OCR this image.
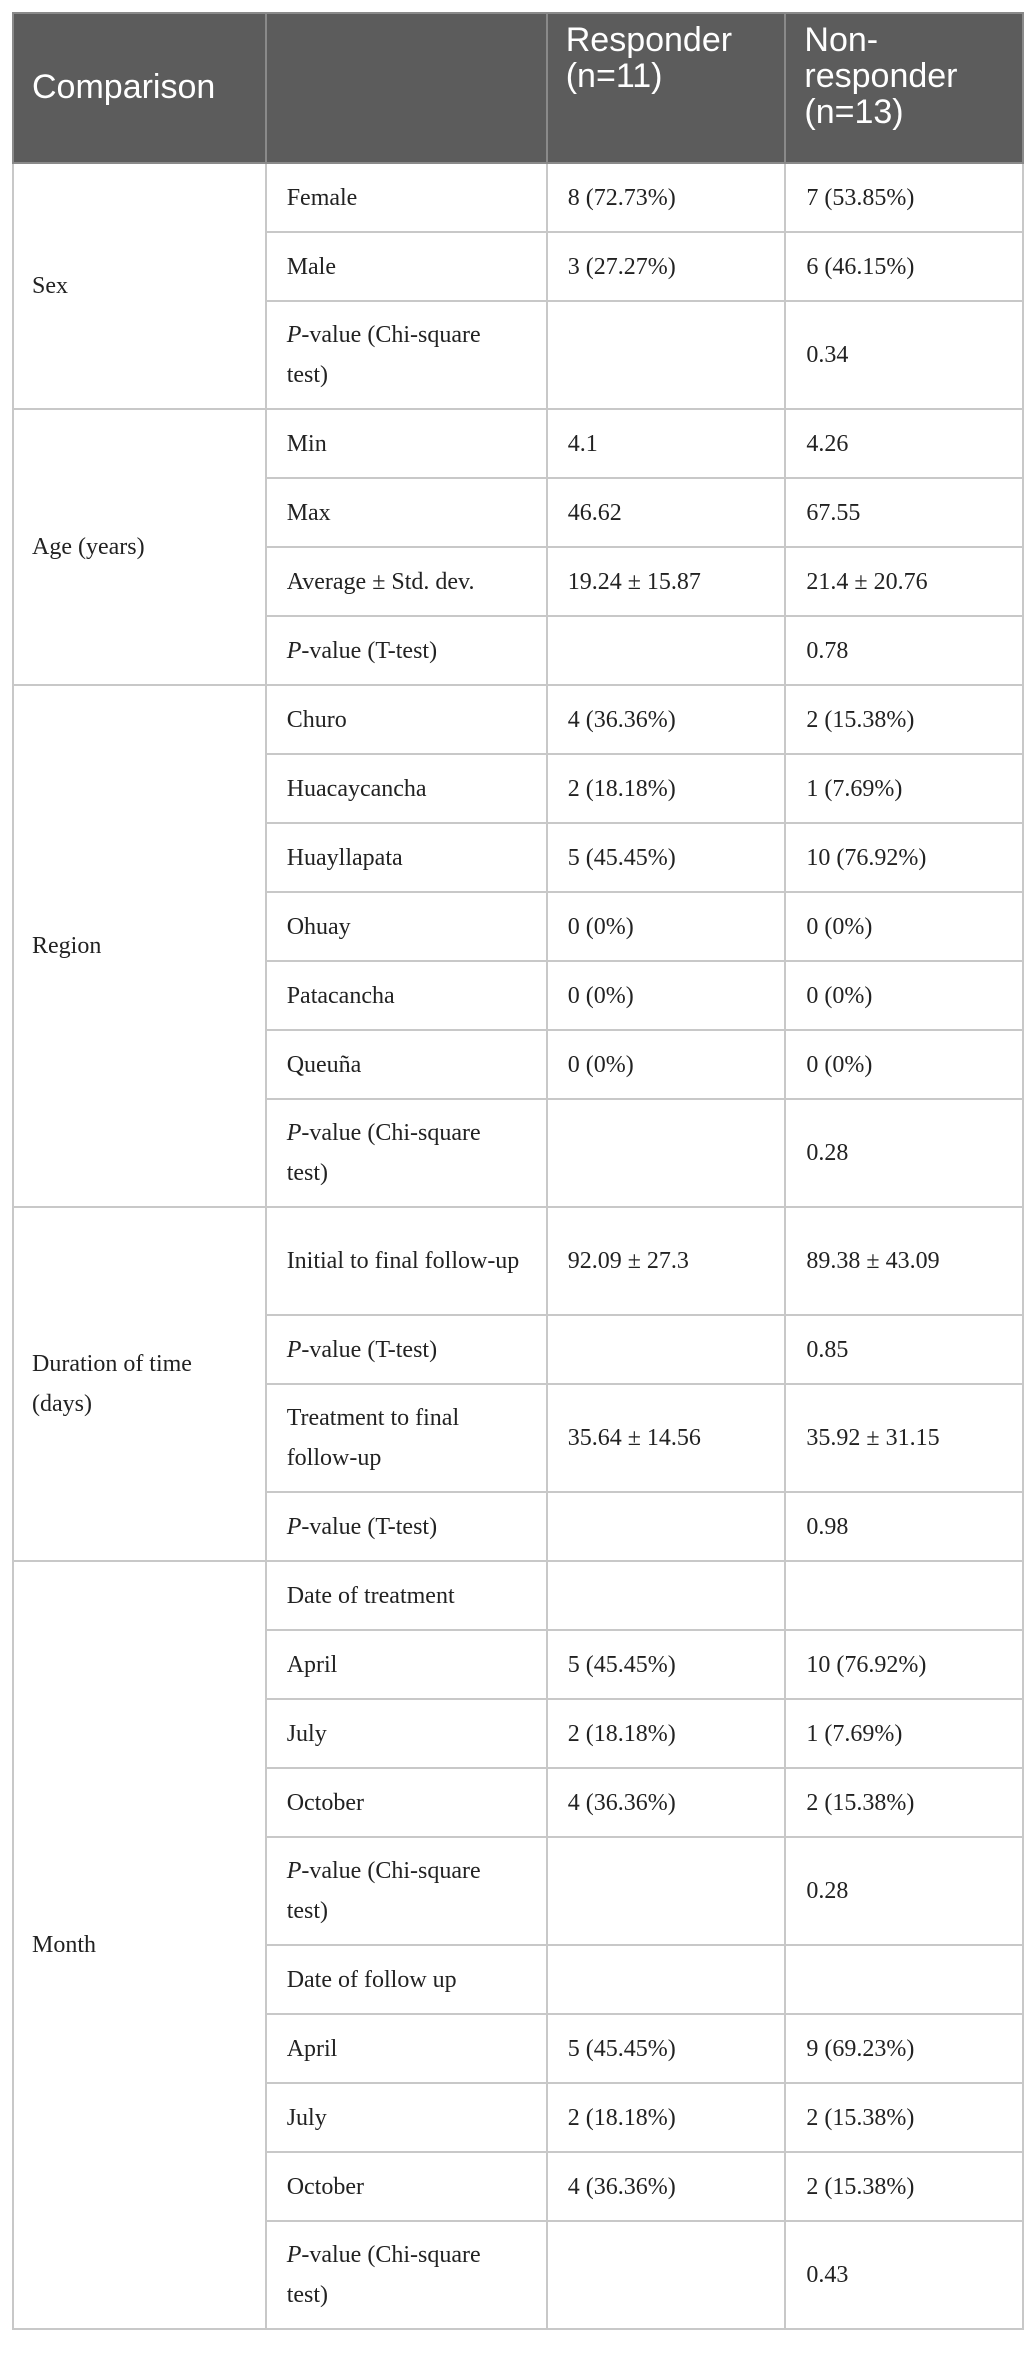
Comparison		Responder (n=11)	Non-responder (n=13)
Sex	Female	8 (72.73%)	7 (53.85%)
	Male	3 (27.27%)	6 (46.15%)
	P-value (Chi-square test)		0.34
Age (years)	Min	4.1	4.26
	Max	46.62	67.55
	Average ± Std. dev.	19.24 ± 15.87	21.4 ± 20.76
	P-value (T-test)		0.78
Region	Churo	4 (36.36%)	2 (15.38%)
	Huacaycancha	2 (18.18%)	1 (7.69%)
	Huayllapata	5 (45.45%)	10 (76.92%)
	Ohuay	0 (0%)	0 (0%)
	Patacancha	0 (0%)	0 (0%)
	Queuña	0 (0%)	0 (0%)
	P-value (Chi-square test)		0.28
Duration of time (days)	Initial to final follow-up	92.09 ± 27.3	89.38 ± 43.09
	P-value (T-test)		0.85
	Treatment to final follow-up	35.64 ± 14.56	35.92 ± 31.15
	P-value (T-test)		0.98
Month	Date of treatment		
	April	5 (45.45%)	10 (76.92%)
	July	2 (18.18%)	1 (7.69%)
	October	4 (36.36%)	2 (15.38%)
	P-value (Chi-square test)		0.28
	Date of follow up		
	April	5 (45.45%)	9 (69.23%)
	July	2 (18.18%)	2 (15.38%)
	October	4 (36.36%)	2 (15.38%)
	P-value (Chi-square test)		0.43
